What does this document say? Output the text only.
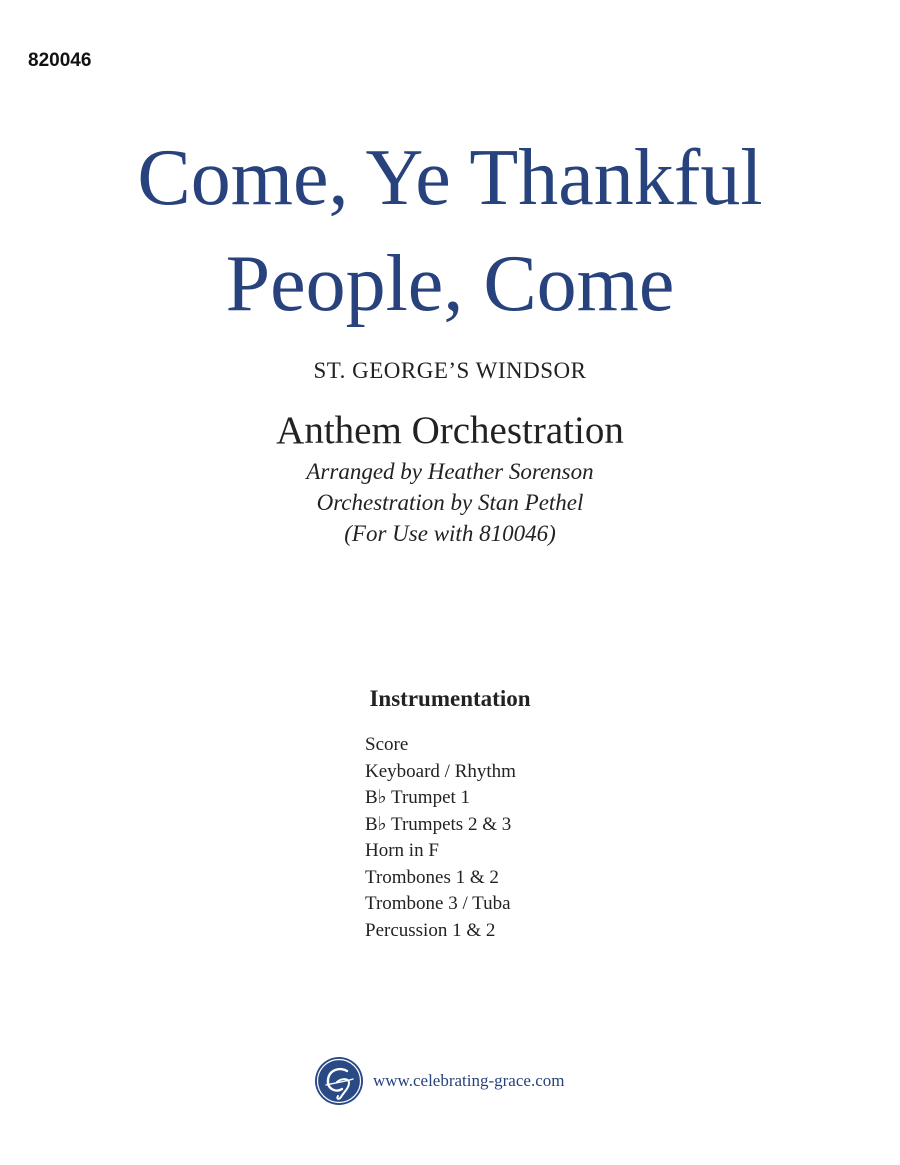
820046
Come, Ye Thankful
People, Come
ST. GEORGE’S WINDSOR
Anthem Orchestration
Arranged by Heather Sorenson
Orchestration by Stan Pethel
(For Use with 810046)
Instrumentation
Score
Keyboard / Rhythm
B♭ Trumpet 1
B♭ Trumpets 2 & 3
Horn in F
Trombones 1 & 2
Trombone 3 / Tuba
Percussion 1 & 2
www.celebrating-grace.com
